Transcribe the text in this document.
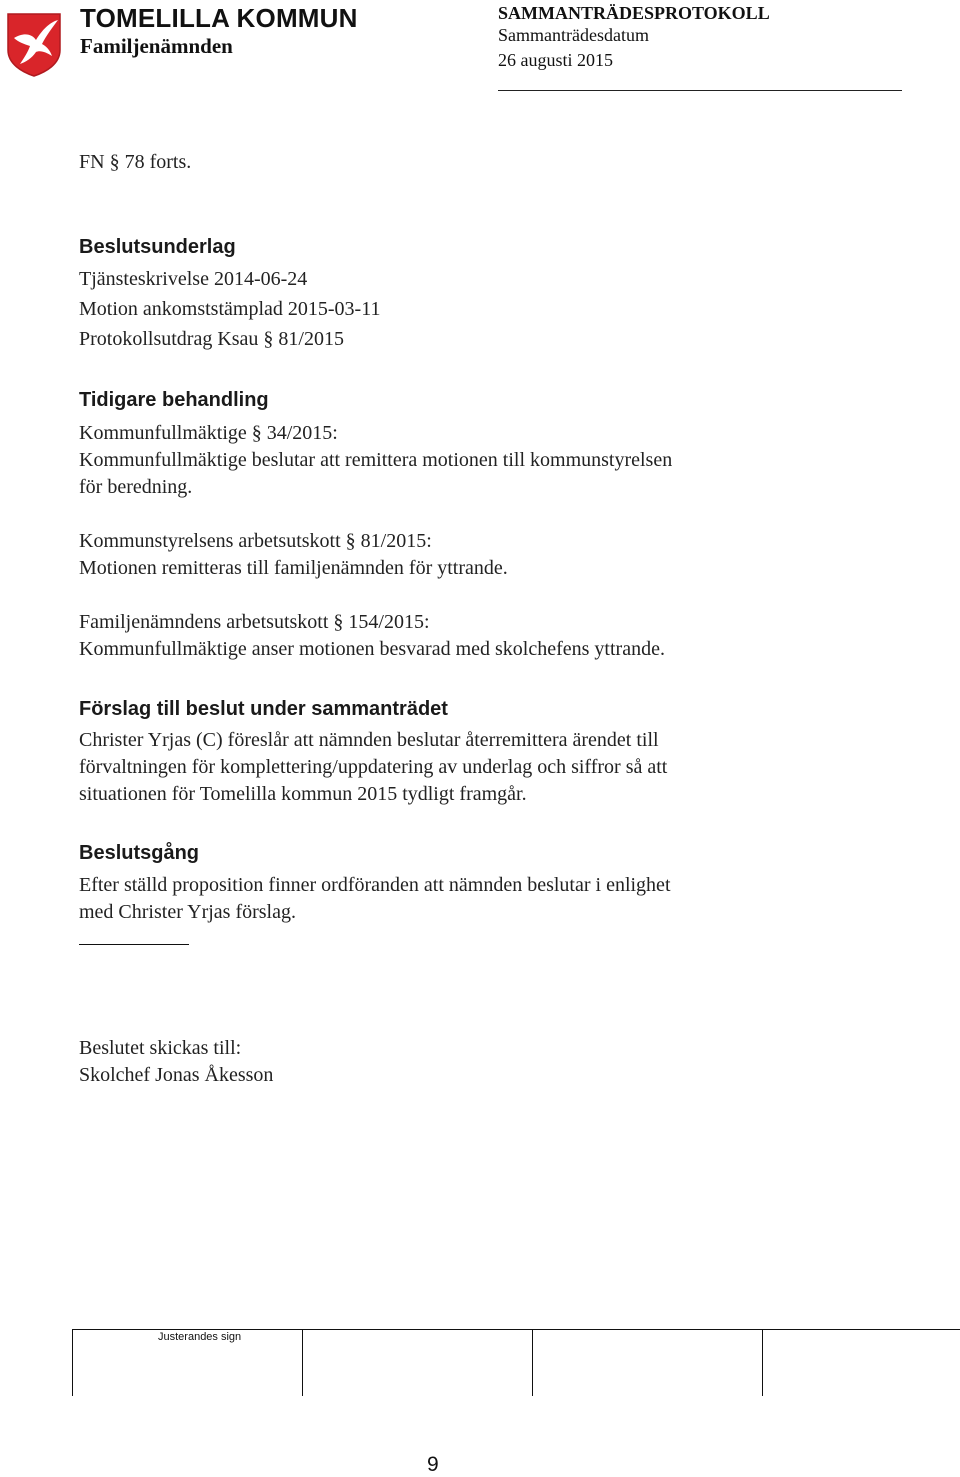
TOMELILLA KOMMUN
Familjenämnden
SAMMANTRÄDESPROTOKOLL
Sammanträdesdatum
26 augusti 2015
FN § 78 forts.
Beslutsunderlag
Tjänsteskrivelse 2014-06-24
Motion ankomststämplad 2015-03-11
Protokollsutdrag Ksau § 81/2015
Tidigare behandling
Kommunfullmäktige § 34/2015:
Kommunfullmäktige beslutar att remittera motionen till kommunstyrelsen
för beredning.
Kommunstyrelsens arbetsutskott § 81/2015:
Motionen remitteras till familjenämnden för yttrande.
Familjenämndens arbetsutskott § 154/2015:
Kommunfullmäktige anser motionen besvarad med skolchefens yttrande.
Förslag till beslut under sammanträdet
Christer Yrjas (C) föreslår att nämnden beslutar återremittera ärendet till
förvaltningen för komplettering/uppdatering av underlag och siffror så att
situationen för Tomelilla kommun 2015 tydligt framgår.
Beslutsgång
Efter ställd proposition finner ordföranden att nämnden beslutar i enlighet
med Christer Yrjas förslag.
Beslutet skickas till:
Skolchef Jonas Åkesson
Justerandes sign
9
